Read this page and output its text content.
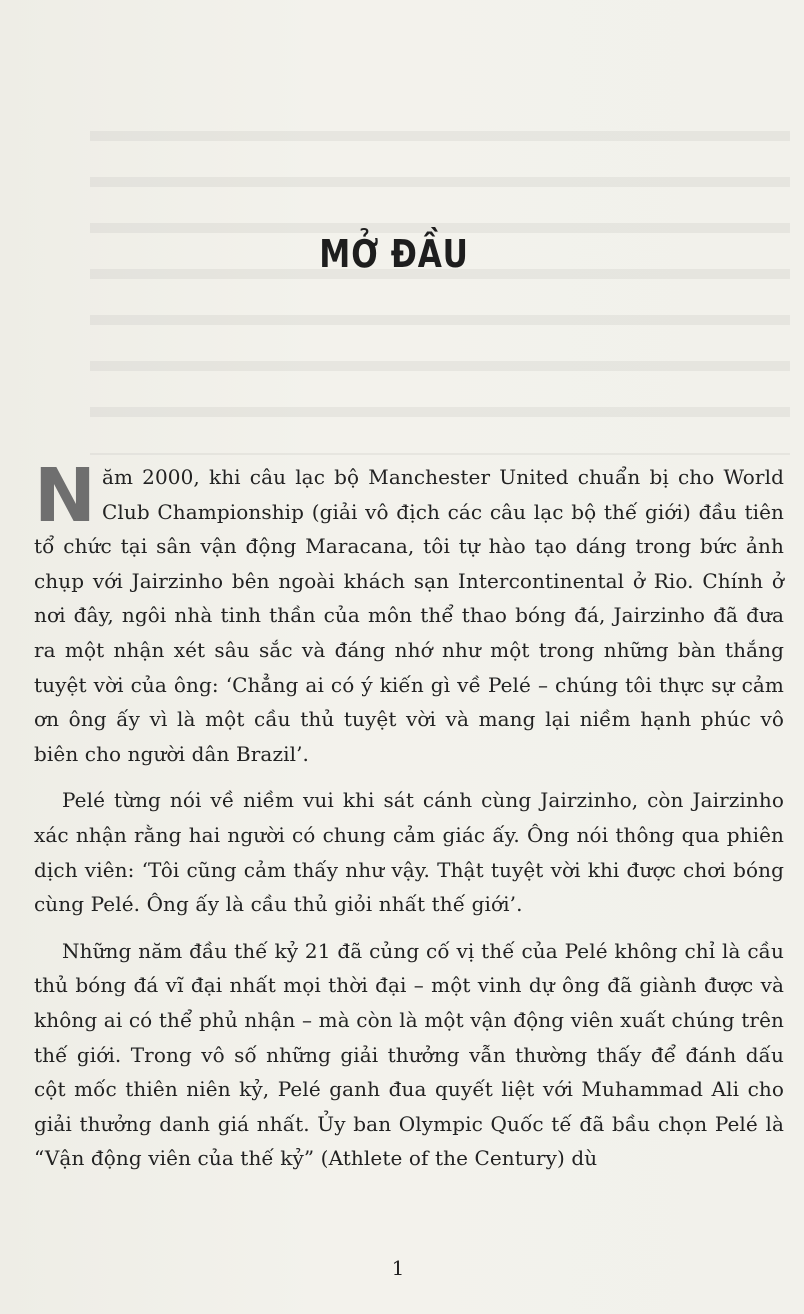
MỞ ĐẦU

Năm 2000, khi câu lạc bộ Manchester United chuẩn bị cho World Club Championship (giải vô địch các câu lạc bộ thế giới) đầu tiên tổ chức tại sân vận động Maracana, tôi tự hào tạo dáng trong bức ảnh chụp với Jairzinho bên ngoài khách sạn Intercontinental ở Rio. Chính ở nơi đây, ngôi nhà tinh thần của môn thể thao bóng đá, Jairzinho đã đưa ra một nhận xét sâu sắc và đáng nhớ như một trong những bàn thắng tuyệt vời của ông: ‘Chẳng ai có ý kiến gì về Pelé – chúng tôi thực sự cảm ơn ông ấy vì là một cầu thủ tuyệt vời và mang lại niềm hạnh phúc vô biên cho người dân Brazil’.

Pelé từng nói về niềm vui khi sát cánh cùng Jairzinho, còn Jairzinho xác nhận rằng hai người có chung cảm giác ấy. Ông nói thông qua phiên dịch viên: ‘Tôi cũng cảm thấy như vậy. Thật tuyệt vời khi được chơi bóng cùng Pelé. Ông ấy là cầu thủ giỏi nhất thế giới’.

Những năm đầu thế kỷ 21 đã củng cố vị thế của Pelé không chỉ là cầu thủ bóng đá vĩ đại nhất mọi thời đại – một vinh dự ông đã giành được và không ai có thể phủ nhận – mà còn là một vận động viên xuất chúng trên thế giới. Trong vô số những giải thưởng vẫn thường thấy để đánh dấu cột mốc thiên niên kỷ, Pelé ganh đua quyết liệt với Muhammad Ali cho giải thưởng danh giá nhất. Ủy ban Olympic Quốc tế đã bầu chọn Pelé là “Vận động viên của thế kỷ” (Athlete of the Century) dù

1
